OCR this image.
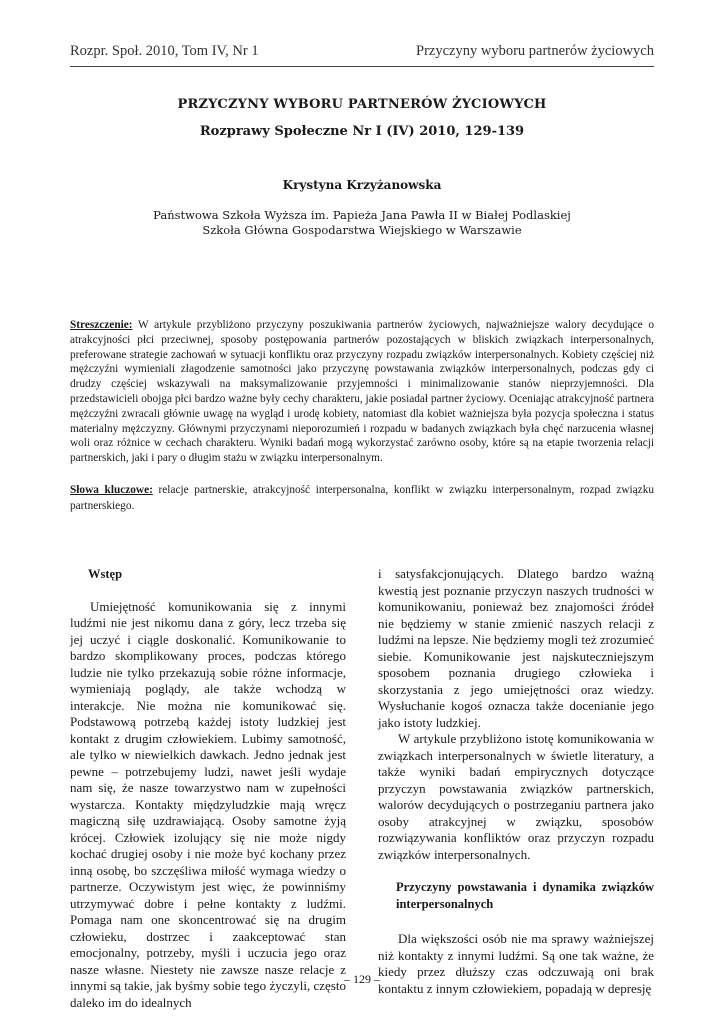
Rozpr. Społ. 2010, Tom IV, Nr 1	Przyczyny wyboru partnerów życiowych
PRZYCZYNY WYBORU PARTNERÓW ŻYCIOWYCH
Rozprawy Społeczne Nr I (IV) 2010, 129-139
Krystyna Krzyżanowska
Państwowa Szkoła Wyższa im. Papieża Jana Pawła II w Białej Podlaskiej
Szkoła Główna Gospodarstwa Wiejskiego w Warszawie
Streszczenie: W artykule przybliżono przyczyny poszukiwania partnerów życiowych, najważniejsze walory decydujące o atrakcyjności płci przeciwnej, sposoby postępowania partnerów pozostających w bliskich związkach interpersonalnych, preferowane strategie zachowań w sytuacji konfliktu oraz przyczyny rozpadu związków interpersonalnych. Kobiety częściej niż mężczyźni wymieniali złagodzenie samotności jako przyczynę powstawania związków interpersonalnych, podczas gdy ci drudzy częściej wskazywali na maksymalizowanie przyjemności i minimalizowanie stanów nieprzyjemności. Dla przedstawicieli obojga płci bardzo ważne były cechy charakteru, jakie posiadał partner życiowy. Oceniając atrakcyjność partnera mężczyźni zwracali głównie uwagę na wygląd i urodę kobiety, natomiast dla kobiet ważniejsza była pozycja społeczna i status materialny mężczyzny. Głównymi przyczynami nieporozumień i rozpadu w badanych związkach była chęć narzucenia własnej woli oraz różnice w cechach charakteru. Wyniki badań mogą wykorzystać zarówno osoby, które są na etapie tworzenia relacji partnerskich, jaki i pary o długim stażu w związku interpersonalnym.
Słowa kluczowe: relacje partnerskie, atrakcyjność interpersonalna, konflikt w związku interpersonalnym, rozpad związku partnerskiego.
Wstęp

Umiejętność komunikowania się z innymi ludźmi nie jest nikomu dana z góry, lecz trzeba się jej uczyć i ciągle doskonalić. Komunikowanie to bardzo skomplikowany proces, podczas którego ludzie nie tylko przekazują sobie różne informacje, wymieniają poglądy, ale także wchodzą w interakcje. Nie można nie komunikować się. Podstawową potrzebą każdej istoty ludzkiej jest kontakt z drugim człowiekiem. Lubimy samotność, ale tylko w niewielkich dawkach. Jedno jednak jest pewne – potrzebujemy ludzi, nawet jeśli wydaje nam się, że nasze towarzystwo nam w zupełności wystarcza. Kontakty międzyludzkie mają wręcz magiczną siłę uzdrawiającą. Osoby samotne żyją krócej. Człowiek izolujący się nie może nigdy kochać drugiej osoby i nie może być kochany przez inną osobę, bo szczęśliwa miłość wymaga wiedzy o partnerze. Oczywistym jest więc, że powinniśmy utrzymywać dobre i pełne kontakty z ludźmi. Pomaga nam one skoncentrować się na drugim człowieku, dostrzec i zaakceptować stan emocjonalny, potrzeby, myśli i uczucia jego oraz nasze własne. Niestety nie zawsze nasze relacje z innymi są takie, jak byśmy sobie tego życzyli, często daleko im do idealnych

i satysfakcjonujących. Dlatego bardzo ważną kwestią jest poznanie przyczyn naszych trudności w komunikowaniu, ponieważ bez znajomości źródeł nie będziemy w stanie zmienić naszych relacji z ludźmi na lepsze. Nie będziemy mogli też zrozumieć siebie. Komunikowanie jest najskuteczniejszym sposobem poznania drugiego człowieka i skorzystania z jego umiejętności oraz wiedzy. Wysłuchanie kogoś oznacza także docenianie jego jako istoty ludzkiej.

W artykule przybliżono istotę komunikowania w związkach interpersonalnych w świetle literatury, a także wyniki badań empirycznych dotyczące przyczyn powstawania związków partnerskich, walorów decydujących o postrzeganiu partnera jako osoby atrakcyjnej w związku, sposobów rozwiązywania konfliktów oraz przyczyn rozpadu związków interpersonalnych.

Przyczyny powstawania i dynamika związków interpersonalnych

Dla większości osób nie ma sprawy ważniejszej niż kontakty z innymi ludźmi. Są one tak ważne, że kiedy przez dłuższy czas odczuwają oni brak kontaktu z innym człowiekiem, popadają w depresję

– 129 –
